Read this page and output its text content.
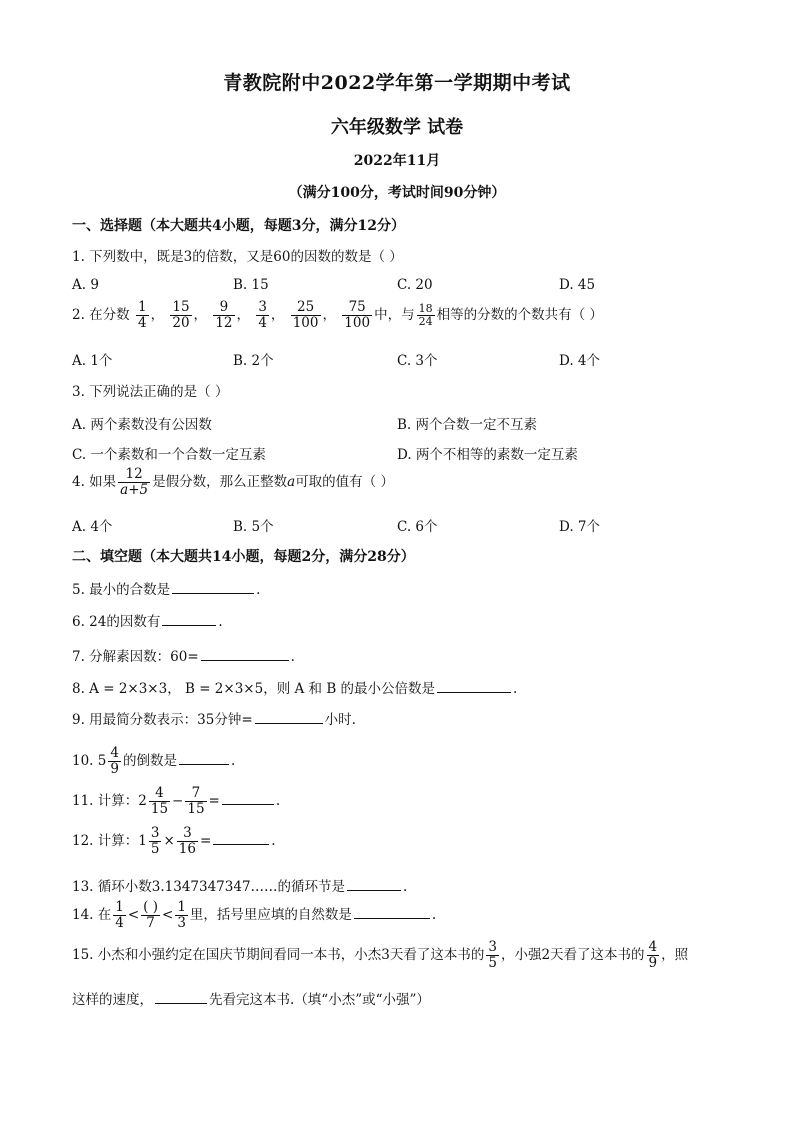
青教院附中2022学年第一学期期中考试
六年级数学 试卷
2022年11月
（满分100分，考试时间90分钟）
一、选择题（本大题共4小题，每题3分，满分12分）
1. 下列数中，既是3的倍数，又是60的因数的数是（ ）
A. 9	B. 15	C. 20	D. 45
2. 在分数 $\frac{1}{4}$ ， $\frac{15}{20}$ ， $\frac{9}{12}$ ， $\frac{3}{4}$ ， $\frac{25}{100}$ ， $\frac{75}{100}$ 中，与 $\frac{18}{24}$ 相等的分数的个数共有（ ）
A. 1个	B. 2个	C. 3个	D. 4个
3. 下列说法正确的是（ ）
A. 两个素数没有公因数	B. 两个合数一定不互素
C. 一个素数和一个合数一定互素	D. 两个不相等的素数一定互素
4. 如果 $\frac{12}{a+5}$ 是假分数，那么正整数a可取的值有（ ）
A. 4个	B. 5个	C. 6个	D. 7个
二、填空题（本大题共14小题，每题2分，满分28分）
5. 最小的合数是	.
6. 24的因数有	.
7. 分解素因数：60=	.
8. A = 2×3×3， B = 2×3×5，则 A 和 B 的最小公倍数是	.
9. 用最简分数表示：35分钟=	小时.
10. $5 \frac{4}{9}$ 的倒数是	.
11. 计算：$2 \frac{4}{15} - \frac{7}{15}$ =	.
12. 计算：$1 \frac{3}{5} \times \frac{3}{16}$ =	.
13. 循环小数3.1347347347……的循环节是	.
14. 在 $\frac{1}{4} < \frac{( )}{7} < \frac{1}{3}$ 里，括号里应填的自然数是	.
15. 小杰和小强约定在国庆节期间看同一本书，小杰3天看了这本书的 $\frac{3}{5}$ ，小强2天看了这本书的 $\frac{4}{9}$ ，照
这样的速度，	先看完这本书.（填“小杰”或“小强”）
